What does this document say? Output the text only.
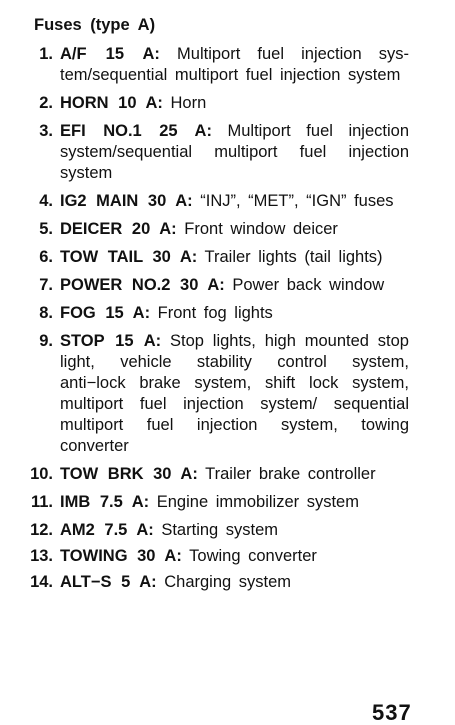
Fuses (type A)
1. A/F 15 A: Multiport fuel injection system/sequential multiport fuel injection system
2. HORN 10 A: Horn
3. EFI NO.1 25 A: Multiport fuel injection system/sequential multiport fuel injection system
4. IG2 MAIN 30 A: “INJ”, “MET”, “IGN” fuses
5. DEICER 20 A: Front window deicer
6. TOW TAIL 30 A: Trailer lights (tail lights)
7. POWER NO.2 30 A: Power back window
8. FOG 15 A: Front fog lights
9. STOP 15 A: Stop lights, high mounted stop light, vehicle stability control system, anti−lock brake system, shift lock system, multiport fuel injection system/ sequential multiport fuel injection system, towing converter
10. TOW BRK 30 A: Trailer brake controller
11. IMB 7.5 A: Engine immobilizer system
12. AM2 7.5 A: Starting system
13. TOWING 30 A: Towing converter
14. ALT−S 5 A: Charging system
537
